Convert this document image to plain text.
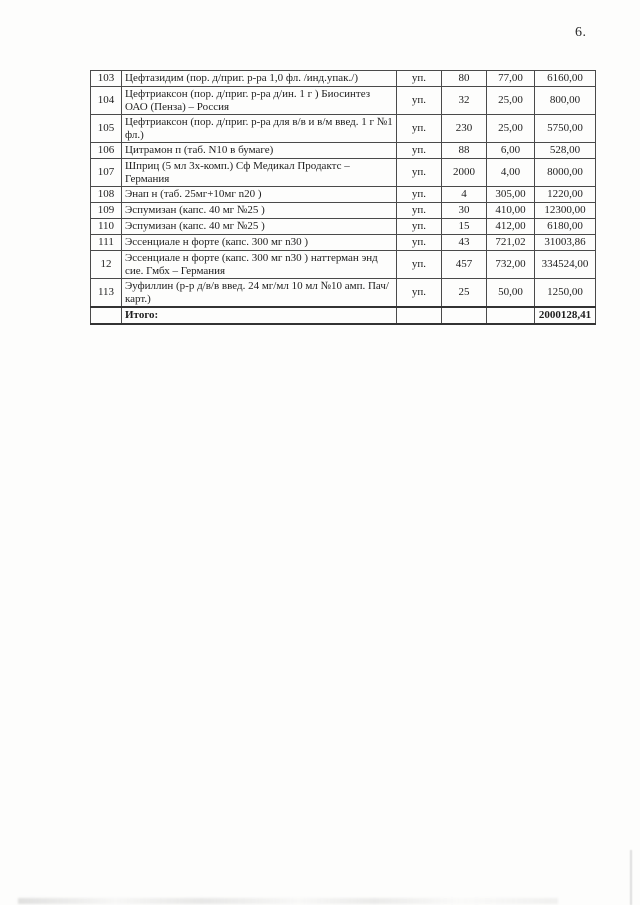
6.
103	Цефтазидим (пор. д/приг. р-ра 1,0 фл. /инд.упак./)	уп.	80	77,00	6160,00
104	Цефтриаксон (пор. д/приг. р-ра д/ин. 1 г ) Биосинтез ОАО (Пенза) – Россия	уп.	32	25,00	800,00
105	Цефтриаксон (пор. д/приг. р-ра для в/в и в/м введ. 1 г №1 фл.)	уп.	230	25,00	5750,00
106	Цитрамон п (таб. N10 в бумаге)	уп.	88	6,00	528,00
107	Шприц (5 мл 3х-комп.) Сф Медикал Продактс – Германия	уп.	2000	4,00	8000,00
108	Энап н (таб. 25мг+10мг n20 )	уп.	4	305,00	1220,00
109	Эспумизан (капс. 40 мг №25 )	уп.	30	410,00	12300,00
110	Эспумизан (капс. 40 мг №25 )	уп.	15	412,00	6180,00
111	Эссенциале н форте (капс. 300 мг n30 )	уп.	43	721,02	31003,86
12	Эссенциале н форте (капс. 300 мг n30 ) наттерман энд сие. Гмбх – Германия	уп.	457	732,00	334524,00
113	Эуфиллин (р-р д/в/в введ. 24 мг/мл 10 мл №10 амп. Пач/карт.)	уп.	25	50,00	1250,00
	Итого:				2000128,41
